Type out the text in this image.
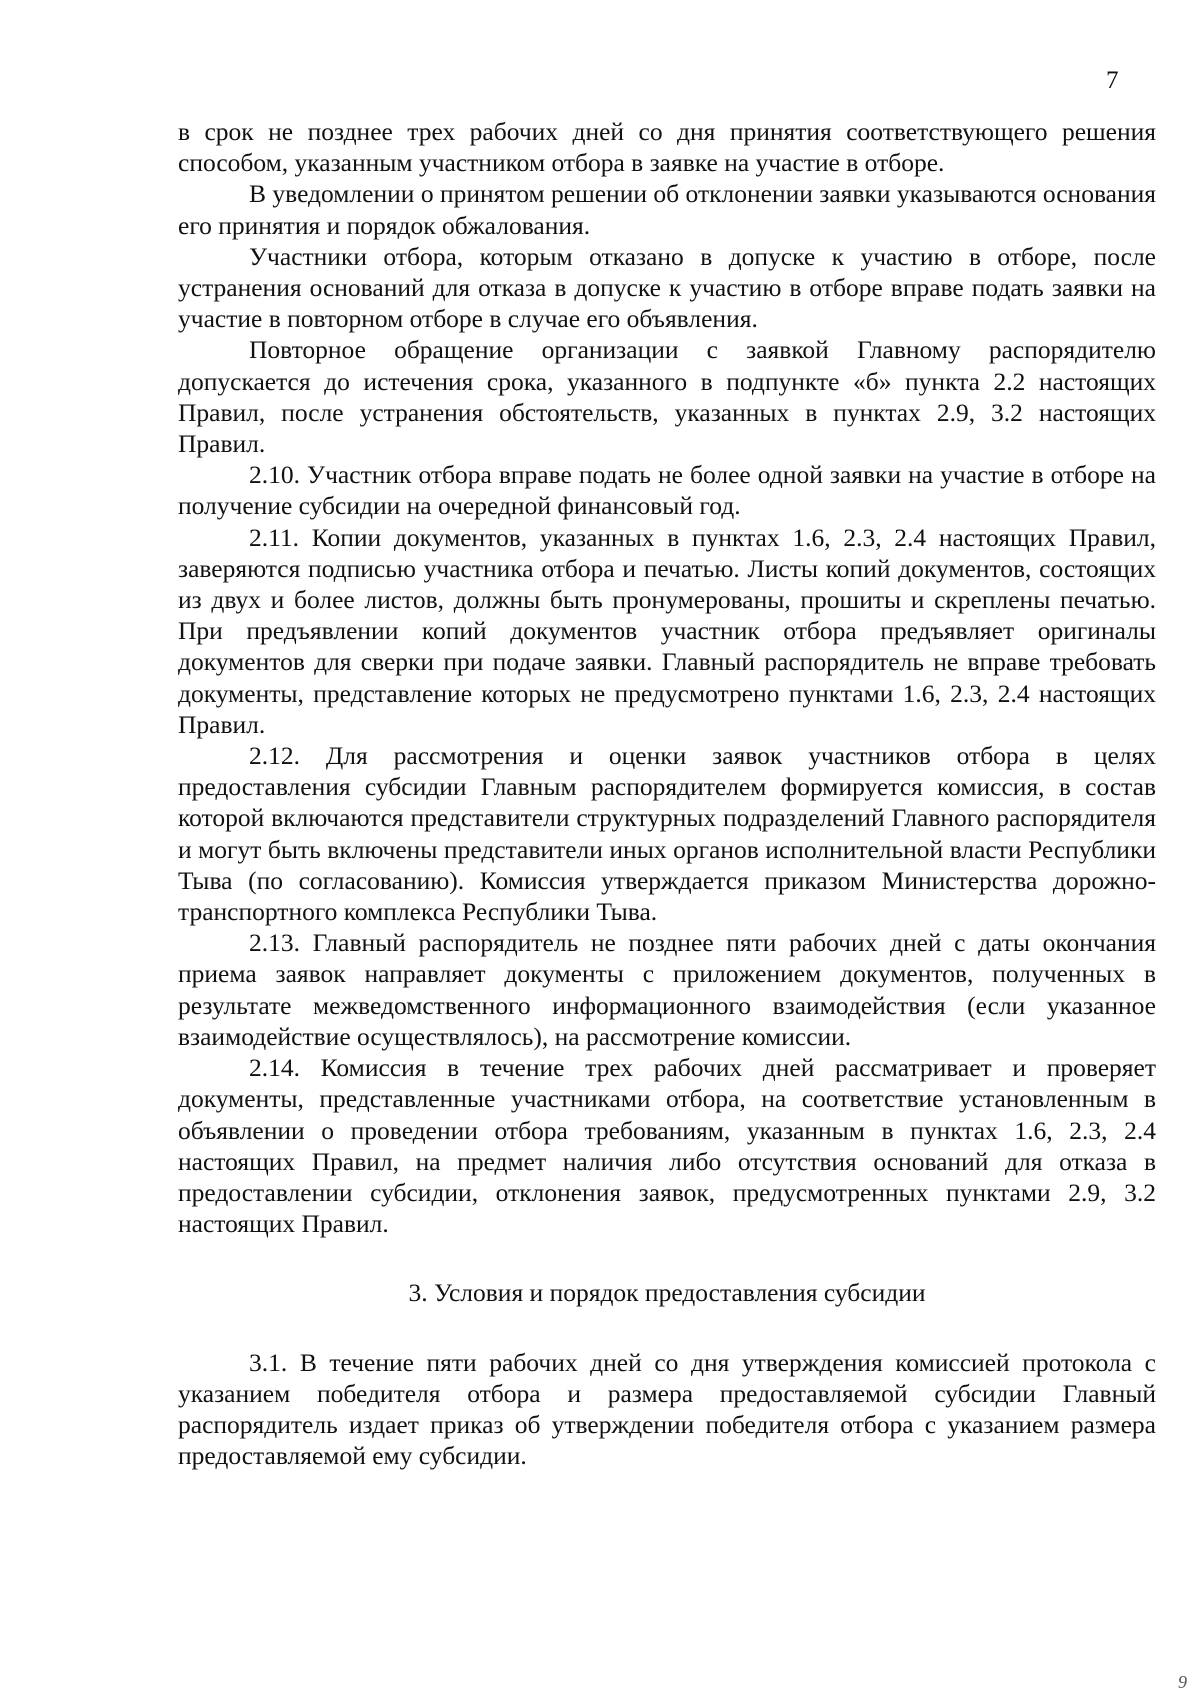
7

в срок не позднее трех рабочих дней со дня принятия соответствующего решения способом, указанным участником отбора в заявке на участие в отборе.

В уведомлении о принятом решении об отклонении заявки указываются основания его принятия и порядок обжалования.

Участники отбора, которым отказано в допуске к участию в отборе, после устранения оснований для отказа в допуске к участию в отборе вправе подать заявки на участие в повторном отборе в случае его объявления.

Повторное обращение организации с заявкой Главному распорядителю допускается до истечения срока, указанного в подпункте «б» пункта 2.2 настоящих Правил, после устранения обстоятельств, указанных в пунктах 2.9, 3.2 настоящих Правил.

2.10. Участник отбора вправе подать не более одной заявки на участие в отборе на получение субсидии на очередной финансовый год.

2.11. Копии документов, указанных в пунктах 1.6, 2.3, 2.4 настоящих Правил, заверяются подписью участника отбора и печатью. Листы копий документов, состоящих из двух и более листов, должны быть пронумерованы, прошиты и скреплены печатью. При предъявлении копий документов участник отбора предъявляет оригиналы документов для сверки при подаче заявки. Главный распорядитель не вправе требовать документы, представление которых не предусмотрено пунктами 1.6, 2.3, 2.4 настоящих Правил.

2.12. Для рассмотрения и оценки заявок участников отбора в целях предоставления субсидии Главным распорядителем формируется комиссия, в состав которой включаются представители структурных подразделений Главного распорядителя и могут быть включены представители иных органов исполнительной власти Республики Тыва (по согласованию). Комиссия утверждается приказом Министерства дорожно-транспортного комплекса Республики Тыва.

2.13. Главный распорядитель не позднее пяти рабочих дней с даты окончания приема заявок направляет документы с приложением документов, полученных в результате межведомственного информационного взаимодействия (если указанное взаимодействие осуществлялось), на рассмотрение комиссии.

2.14. Комиссия в течение трех рабочих дней рассматривает и проверяет документы, представленные участниками отбора, на соответствие установленным в объявлении о проведении отбора требованиям, указанным в пунктах 1.6, 2.3, 2.4 настоящих Правил, на предмет наличия либо отсутствия оснований для отказа в предоставлении субсидии, отклонения заявок, предусмотренных пунктами 2.9, 3.2 настоящих Правил.

3. Условия и порядок предоставления субсидии

3.1. В течение пяти рабочих дней со дня утверждения комиссией протокола с указанием победителя отбора и размера предоставляемой субсидии Главный распорядитель издает приказ об утверждении победителя отбора с указанием размера предоставляемой ему субсидии.

9
